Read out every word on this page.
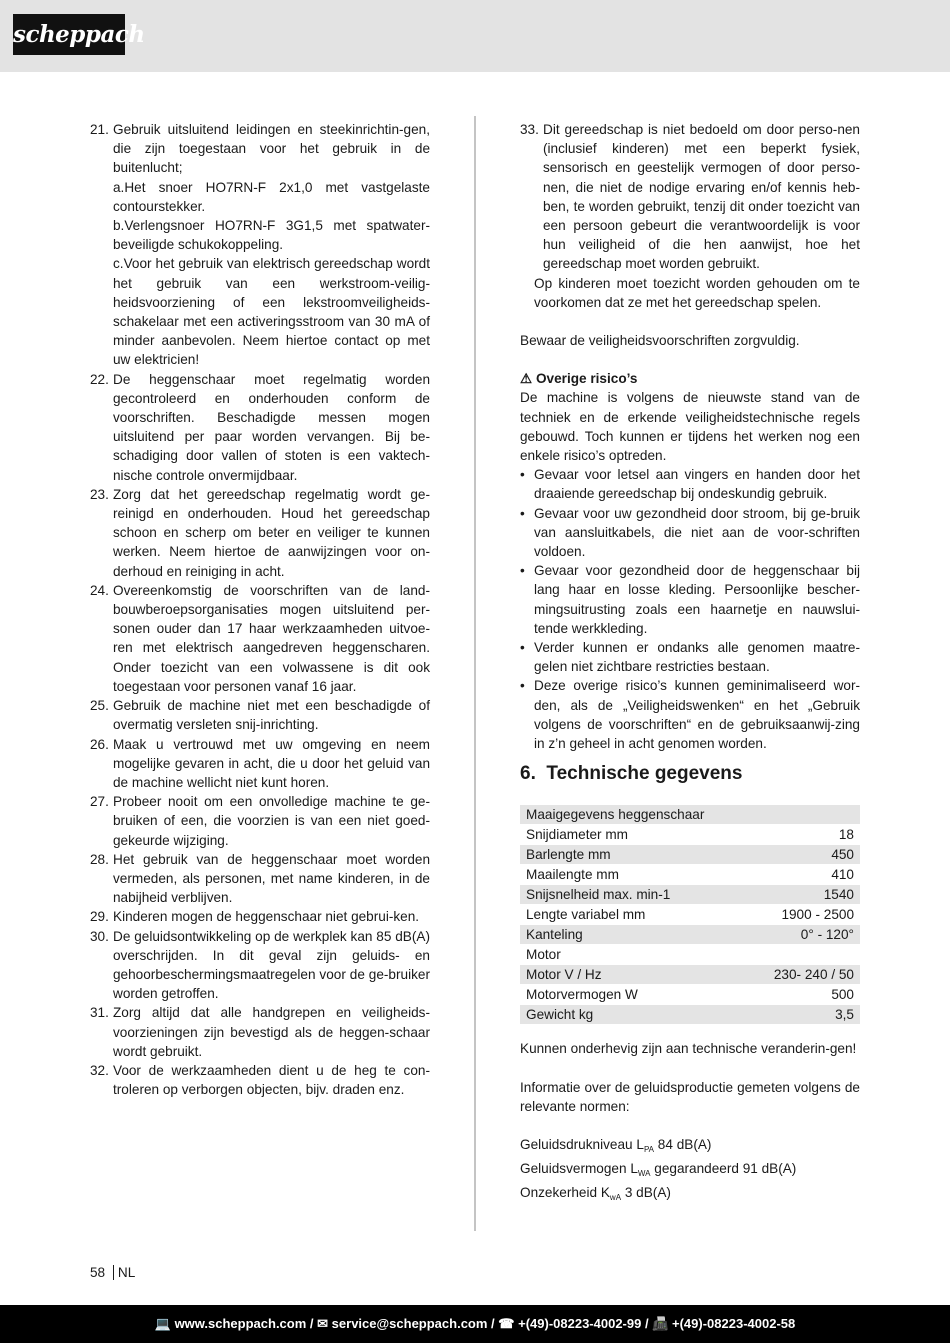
scheppach
21. Gebruik uitsluitend leidingen en steekinrichtin-gen, die zijn toegestaan voor het gebruik in de buitenlucht;

a.Het snoer HO7RN-F 2x1,0 met vastgelaste contourstekker.

b.Verlengsnoer HO7RN-F 3G1,5 met spatwater-beveiligde schukokoppeling.

c.Voor het gebruik van elektrisch gereedschap wordt het gebruik van een werkstroom-veilig-heidsvoorziening of een lekstroomveiligheids-schakelaar met een activeringsstroom van 30 mA of minder aanbevolen. Neem hiertoe contact op met uw elektricien!

22. De heggenschaar moet regelmatig worden gecontroleerd en onderhouden conform de voorschriften. Beschadigde messen mogen uitsluitend per paar worden vervangen. Bij be-schadiging door vallen of stoten is een vaktech-nische controle onvermijdbaar.

23. Zorg dat het gereedschap regelmatig wordt ge-reinigd en onderhouden. Houd het gereedschap schoon en scherp om beter en veiliger te kunnen werken. Neem hiertoe de aanwijzingen voor on-derhoud en reiniging in acht.

24. Overeenkomstig de voorschriften van de land-bouwberoepsorganisaties mogen uitsluitend per-sonen ouder dan 17 haar werkzaamheden uitvoe-ren met elektrisch aangedreven heggenscharen. Onder toezicht van een volwassene is dit ook toegestaan voor personen vanaf 16 jaar.

25. Gebruik de machine niet met een beschadigde of overmatig versleten snij-inrichting.

26. Maak u vertrouwd met uw omgeving en neem mogelijke gevaren in acht, die u door het geluid van de machine wellicht niet kunt horen.

27. Probeer nooit om een onvolledige machine te ge-bruiken of een, die voorzien is van een niet goed-gekeurde wijziging.

28. Het gebruik van de heggenschaar moet worden vermeden, als personen, met name kinderen, in de nabijheid verblijven.

29. Kinderen mogen de heggenschaar niet gebrui-ken.

30. De geluidsontwikkeling op de werkplek kan 85 dB(A) overschrijden. In dit geval zijn geluids- en gehoorbeschermingsmaatregelen voor de ge-bruiker worden getroffen.

31. Zorg altijd dat alle handgrepen en veiligheids-voorzieningen zijn bevestigd als de heggen-schaar wordt gebruikt.

32. Voor de werkzaamheden dient u de heg te con-troleren op verborgen objecten, bijv. draden enz.

33. Dit gereedschap is niet bedoeld om door perso-nen (inclusief kinderen) met een beperkt fysiek, sensorisch en geestelijk vermogen of door perso-nen, die niet de nodige ervaring en/of kennis heb-ben, te worden gebruikt, tenzij dit onder toezicht van een persoon gebeurt die verantwoordelijk is voor hun veiligheid of die hen aanwijst, hoe het gereedschap moet worden gebruikt.

Op kinderen moet toezicht worden gehouden om te voorkomen dat ze met het gereedschap spelen.

Bewaar de veiligheidsvoorschriften zorgvuldig.

⚠ Overige risico’s

De machine is volgens de nieuwste stand van de techniek en de erkende veiligheidstechnische regels gebouwd. Toch kunnen er tijdens het werken nog een enkele risico’s optreden.

• Gevaar voor letsel aan vingers en handen door het draaiende gereedschap bij ondeskundig gebruik.
• Gevaar voor uw gezondheid door stroom, bij ge-bruik van aansluitkabels, die niet aan de voor-schriften voldoen.
• Gevaar voor gezondheid door de heggenschaar bij lang haar en losse kleding. Persoonlijke bescher-mingsuitrusting zoals een haarnetje en nauwslui-tende werkkleding.
• Verder kunnen er ondanks alle genomen maatre-gelen niet zichtbare restricties bestaan.
• Deze overige risico’s kunnen geminimaliseerd wor-den, als de „Veiligheidswenken“ en het „Gebruik volgens de voorschriften“ en de gebruiksaanwij-zing in z’n geheel in acht genomen worden.
6. Technische gegevens
Maaigegevens heggenschaar	
Snijdiameter mm	18
Barlengte mm	450
Maailengte mm	410
Snijsnelheid max. min-1	1540
Lengte variabel mm	1900 - 2500
Kanteling	0° - 120°
Motor	
Motor V / Hz	230- 240 / 50
Motorvermogen W	500
Gewicht kg	3,5

Kunnen onderhevig zijn aan technische veranderin-gen!

Informatie over de geluidsproductie gemeten volgens de relevante normen:

Geluidsdrukniveau $L_{PA}$ 84 dB(A)
Geluidsvermogen $L_{WA}$ gegarandeerd 91 dB(A)
Onzekerheid $K_{wA}$ 3 dB(A)
58 NL
💻 www.scheppach.com / ✉ service@scheppach.com / ☎ +(49)-08223-4002-99 / 📠 +(49)-08223-4002-58
